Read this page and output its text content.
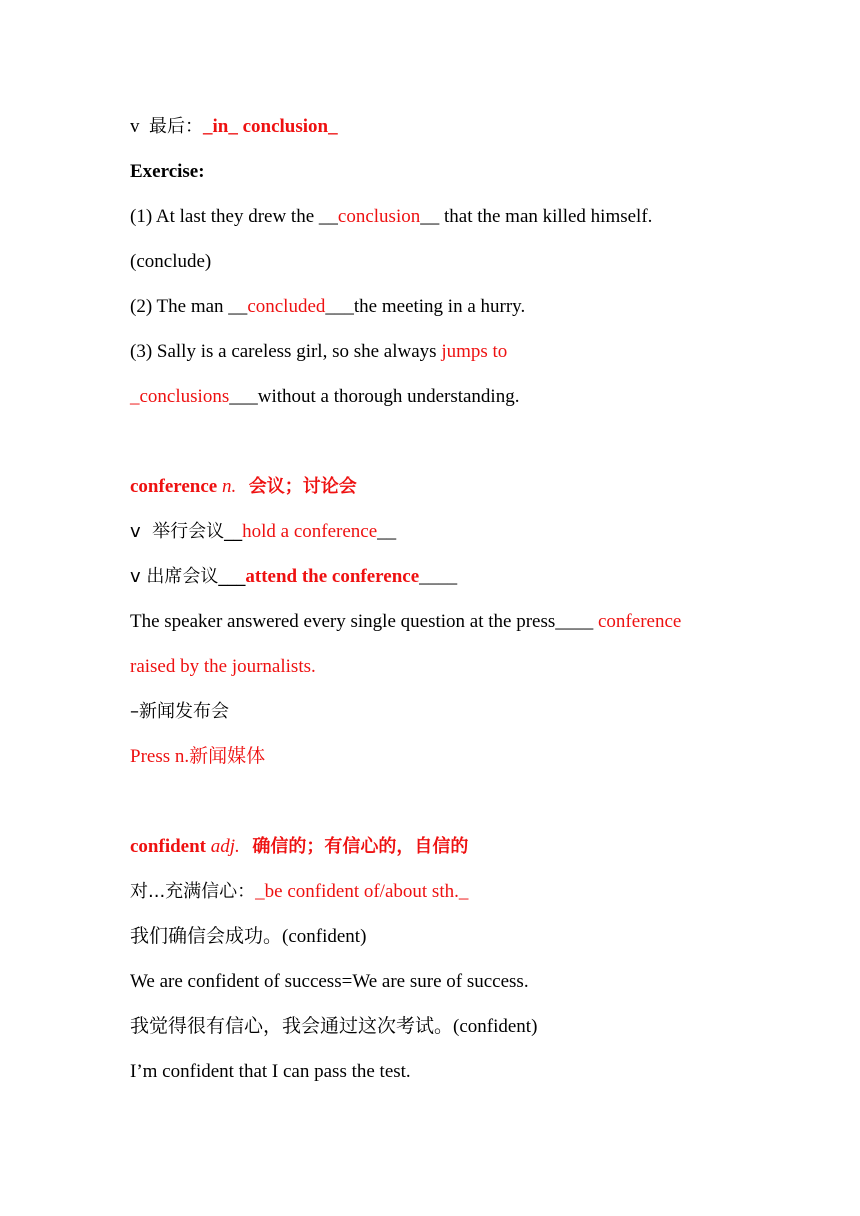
v  最后：_in_ conclusion_
Exercise:
(1) At last they drew the __conclusion__ that the man killed himself.
(conclude)
(2) The man __concluded___the meeting in a hurry.
(3) Sally is a careless girl, so she always jumps to
_conclusions___without a thorough understanding.
conference n.  会议；讨论会
v  举行会议__hold a conference__
v 出席会议___attend the conference____
The speaker answered every single question at the press____ conference
raised by the journalists.
–新闻发布会
Press n.新闻媒体
confident adj.  确信的；有信心的，自信的
对...充满信心：_be confident of/about sth._
我们确信会成功。(confident)
We are confident of success=We are sure of success.
我觉得很有信心，我会通过这次考试。(confident)
I’m confident that I can pass the test.
